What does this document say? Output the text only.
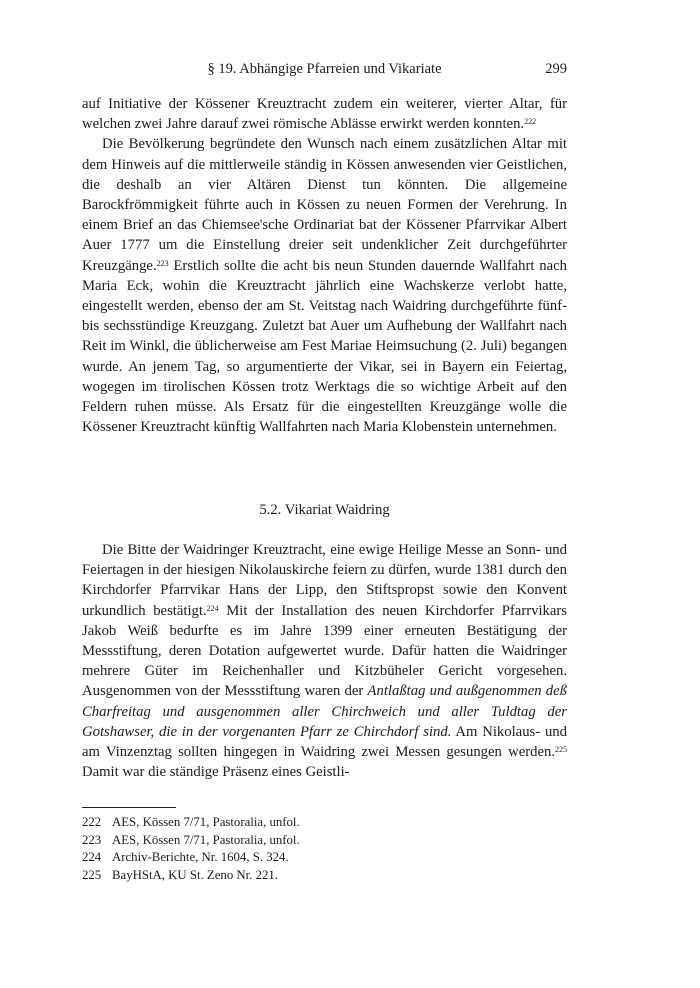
§ 19. Abhängige Pfarreien und Vikariate	299

auf Initiative der Kössener Kreuztracht zudem ein weiterer, vierter Altar, für welchen zwei Jahre darauf zwei römische Ablässe erwirkt werden konnten.$^{222}$

Die Bevölkerung begründete den Wunsch nach einem zusätzlichen Altar mit dem Hinweis auf die mittlerweile ständig in Kössen anwesenden vier Geistlichen, die deshalb an vier Altären Dienst tun könnten. Die allgemeine Barockfrömmigkeit führte auch in Kössen zu neuen Formen der Verehrung. In einem Brief an das Chiemsee'sche Ordinariat bat der Kössener Pfarrvikar Albert Auer 1777 um die Einstellung dreier seit undenklicher Zeit durchgeführter Kreuzgänge.$^{223}$ Erstlich sollte die acht bis neun Stunden dauernde Wallfahrt nach Maria Eck, wohin die Kreuztracht jährlich eine Wachskerze verlobt hatte, eingestellt werden, ebenso der am St. Veitstag nach Waidring durchgeführte fünf- bis sechsstündige Kreuzgang. Zuletzt bat Auer um Aufhebung der Wallfahrt nach Reit im Winkl, die üblicherweise am Fest Mariae Heimsuchung (2. Juli) begangen wurde. An jenem Tag, so argumentierte der Vikar, sei in Bayern ein Feiertag, wogegen im tirolischen Kössen trotz Werktags die so wichtige Arbeit auf den Feldern ruhen müsse. Als Ersatz für die eingestellten Kreuzgänge wolle die Kössener Kreuztracht künftig Wallfahrten nach Maria Klobenstein unternehmen.

5.2. Vikariat Waidring

Die Bitte der Waidringer Kreuztracht, eine ewige Heilige Messe an Sonn- und Feiertagen in der hiesigen Nikolauskirche feiern zu dürfen, wurde 1381 durch den Kirchdorfer Pfarrvikar Hans der Lipp, den Stiftspropst sowie den Konvent urkundlich bestätigt.$^{224}$ Mit der Installation des neuen Kirchdorfer Pfarrvikars Jakob Weiß bedurfte es im Jahre 1399 einer erneuten Bestätigung der Messstiftung, deren Dotation aufgewertet wurde. Dafür hatten die Waidringer mehrere Güter im Reichenhaller und Kitzbüheler Gericht vorgesehen. Ausgenommen von der Messstiftung waren der Antlaßtag und außgenommen deß Charfreitag und ausgenommen aller Chirchweich und aller Tuldtag der Gotshawser, die in der vorgenanten Pfarr ze Chirchdorf sind. Am Nikolaus- und am Vinzenztag sollten hingegen in Waidring zwei Messen gesungen werden.$^{225}$ Damit war die ständige Präsenz eines Geistli-

222 AES, Kössen 7/71, Pastoralia, unfol.
223 AES, Kössen 7/71, Pastoralia, unfol.
224 Archiv-Berichte, Nr. 1604, S. 324.
225 BayHStA, KU St. Zeno Nr. 221.
